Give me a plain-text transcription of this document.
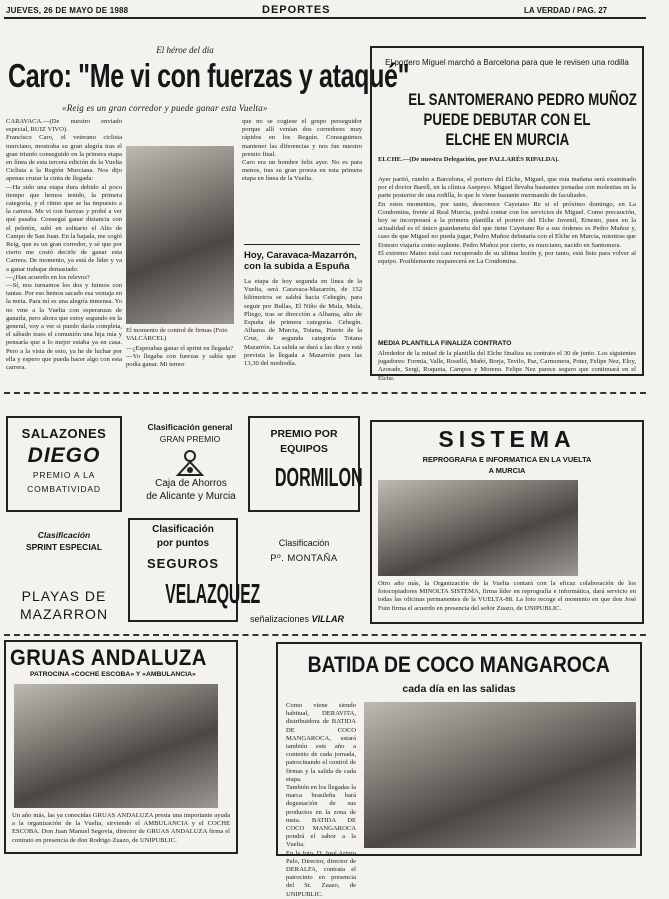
JUEVES, 26 DE MAYO DE 1988	DEPORTES	LA VERDAD / PAG. 27
El héroe del día
Caro: "Me vi con fuerzas y ataqué"
«Reig es un gran corredor y puede ganar esta Vuelta»
CARAVACA.—(De nuestro enviado especial, RUIZ VIVO).
Francisco Caro, el veterano ciclista murciano, mostraba su gran alegría tras el gran triunfo conseguido en la primera etapa en línea de esta tercera edición de la Vuelta Ciclista a la Región Murciana. Nos dijo apenas cruzar la cinta de llegada:
—Ha sido una etapa dura debido al poco tiempo que hemos tenido, la primera categoría, y el ritmo que se ha impuesto a la carrera. Me vi con fuerzas y probé a ver qué pasaba. Conseguí ganar distancia con el pelotón, subí en solitario el Alto de Campo de San Juan. En la bajada, me cogió Reig, que es un gran corredor, y sé que por cierto me costó decirle de ganar esta Carrera. De momento, ya está de líder y va a ganar trabajar demasiado.
—¿Han acuerdo en los relevos?
—Sí, nos turnamos los dos y fuimos con tantas. Por eso hemos sacado esa ventaja en la meta. Para mí es una alegría inmensa. Yo no vine a la Vuelta con esperanzas de ganarla, pero ahora que estoy segundo en la general, voy a ver si puedo darla completa, el sábado traes el comunión una hija mía y pensaría que a lo mejor estaba ya en casa. Pero a la vista de esto, ya he de luchar por ella y espero que pueda hacer algo con esta carrera.
El momento de control de firmas (Foto VALCÁRCEL)
—¿Esperabas ganar el sprint en llegada?
—Yo llegaba con fuerzas y sabía que podía ganar. Mi temor
que no se cogiese el grupo perseguidor porque allí venían dos corredores muy rápidos en los Reguín. Conseguimos mantener las diferencias y nos fue nuestro premio final.
Caro era un hombre feliz ayer. No es para menos, tras su gran proeza en esta primera etapa en línea de la Vuelta.
Hoy, Caravaca-Mazarrón, con la subida a Espuña
La etapa de hoy segunda en línea de la Vuelta, será Caravaca-Mazarrón, de 152 kilómetros se saldrá hacia Cehegín, para seguir por Bullas, El Niño de Mula, Mula, Pliego, tras se dirección a Alhama, alto de Espuña de primera categoría. Cehegín. Alhama de Murcia, Totana, Puerto de la Cruz, de segunda categoría Totana Mazarrón. La salida se dará a las diez y está prevista la llegada a Mazarrón para las 13,30 del mediodía.
El portero Miguel marchó a Barcelona para que le revisen una rodilla
EL SANTOMERANO PEDRO MUÑOZ
PUEDE DEBUTAR CON EL
ELCHE EN MURCIA
ELCHE.—(De nuestra Delegación, por PALLARÉS RIPALDA).
Ayer partió, rumbo a Barcelona, el portero del Elche, Miguel, que esta mañana será examinado por el doctor Barell, en la clínica Asepeyo. Miguel llevaba bastantes jornadas con molestias en la parte posterior de una rodilla, lo que le viene bastante mermando de facultades.
En estos momentos, por tanto, desconoce Cayetano Re si el próximo domingo, en La Condomina, frente al Real Murcia, podrá contar con los servicios de Miguel. Como precaución, hoy se incorporará a la primera plantilla el portero del Elche Juvenil, Ernesto, pues en la actualidad es el único guardameta del que tiene Cayetano Re a sus órdenes es Pedro Muñoz y, caso de que Miguel no pueda jugar, Pedro Muñoz debutaría con el Elche en Murcia, mientras que Ernesto viajaría como suplente. Pedro Muñoz por cierto, es murciano, nacido en Santomera.
El extremo Mateo está casi recuperado de su ultima lesión y, por tanto, está listo para volver al equipo. Posiblemente reaparecerá en La Condomina.
MEDIA PLANTILLA FINALIZA CONTRATO
Alrededor de la mitad de la plantilla del Elche finaliza su contrato el 30 de junio. Los siguientes jugadores: Formia, Valle, Roselló, Mañó, Borja, Tevilo, Paz, Carmonera, Poter, Felipe Nez, Eloy, Azorade, Sergi, Roqueta, Campos y Moreno. Felipe Nez parece seguro que continuará en el Elche.
SALAZONES
DIEGO
PREMIO A LA
COMBATIVIDAD
Clasificación general
GRAN PREMIO
Caja de Ahorros
de Alicante y Murcia
PREMIO POR
EQUIPOS
DORMILON
SISTEMA
REPROGRAFIA E INFORMATICA EN LA VUELTA
A MURCIA
Otro año más, la Organización de la Vuelta contará con la eficaz colaboración de los fotocopiadores MINOLTA SISTEMA, firma líder en reprografía e informática, dará servicio en todas las oficinas permanentes de la VUELTA-88. La foto recoge el momento en que don José Fuin firma el acuerdo en presencia del señor Zuazo, de UNIPUBLIC.
Clasificación
SPRINT ESPECIAL
PLAYAS DE
MAZARRON
Clasificación
por puntos
SEGUROS
VELAZQUEZ
Clasificación
Pº. MONTAÑA
señalizaciones VILLAR
GRUAS ANDALUZA
PATROCINA «COCHE ESCOBA» Y «AMBULANCIA»
Un año más, las ya conocidas GRUAS ANDALUZA presta una importante ayuda a la organización de la Vuelta, sirviendo el AMBULANCIA y el COCHE ESCOBA. Don Juan Manuel Segovia, director de GRUAS ANDALUZA firma el contrato en presencia de don Rodrigo Zuazo, de UNIPUBLIC.
BATIDA DE COCO MANGAROCA
cada día en las salidas
Como viene siendo habitual, DERAVITA, distribuidora de BATIDA DE COCO MANGAROCA, estará también este año a contento de cada jornada, patrocinando el control de firmas y la salida de cada etapa.
También en los llegadas la marca brasileña hará degustación de sus productos en la zona de meta. BATIDA DE COCO MANGAROCA pondrá el sabor a la Vuelta.
En la foto, D. José Arturo Palo, Director, director de DERALFA, contrata el patrocinio en presencia del Sr. Zuazo, de UNIPUBLIC.
